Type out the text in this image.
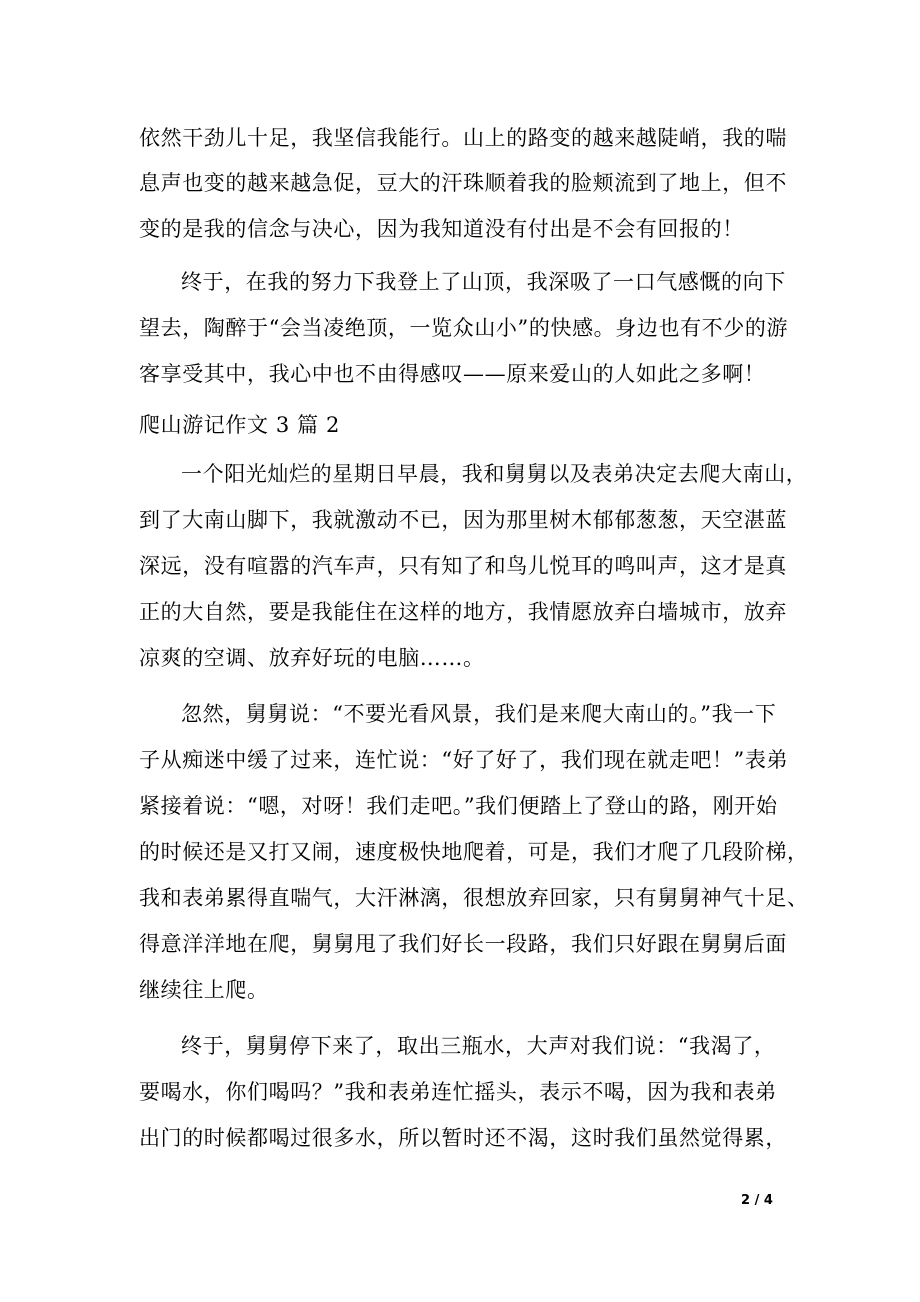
依然干劲儿十足，我坚信我能行。山上的路变的越来越陡峭，我的喘
息声也变的越来越急促，豆大的汗珠顺着我的脸颊流到了地上，但不
变的是我的信念与决心，因为我知道没有付出是不会有回报的！
终于，在我的努力下我登上了山顶，我深吸了一口气感慨的向下
望去，陶醉于“会当凌绝顶，一览众山小”的快感。身边也有不少的游
客享受其中，我心中也不由得感叹——原来爱山的人如此之多啊！
爬山游记作文 3 篇 2
一个阳光灿烂的星期日早晨，我和舅舅以及表弟决定去爬大南山，
到了大南山脚下，我就激动不已，因为那里树木郁郁葱葱，天空湛蓝
深远，没有喧嚣的汽车声，只有知了和鸟儿悦耳的鸣叫声，这才是真
正的大自然，要是我能住在这样的地方，我情愿放弃白墙城市，放弃
凉爽的空调、放弃好玩的电脑……。
忽然，舅舅说：“不要光看风景，我们是来爬大南山的。”我一下
子从痴迷中缓了过来，连忙说：“好了好了，我们现在就走吧！”表弟
紧接着说：“嗯，对呀！我们走吧。”我们便踏上了登山的路，刚开始
的时候还是又打又闹，速度极快地爬着，可是，我们才爬了几段阶梯，
我和表弟累得直喘气，大汗淋漓，很想放弃回家，只有舅舅神气十足、
得意洋洋地在爬，舅舅甩了我们好长一段路，我们只好跟在舅舅后面
继续往上爬。
终于，舅舅停下来了，取出三瓶水，大声对我们说：“我渴了，
要喝水，你们喝吗？”我和表弟连忙摇头，表示不喝，因为我和表弟
出门的时候都喝过很多水，所以暂时还不渴，这时我们虽然觉得累，
2 / 4
